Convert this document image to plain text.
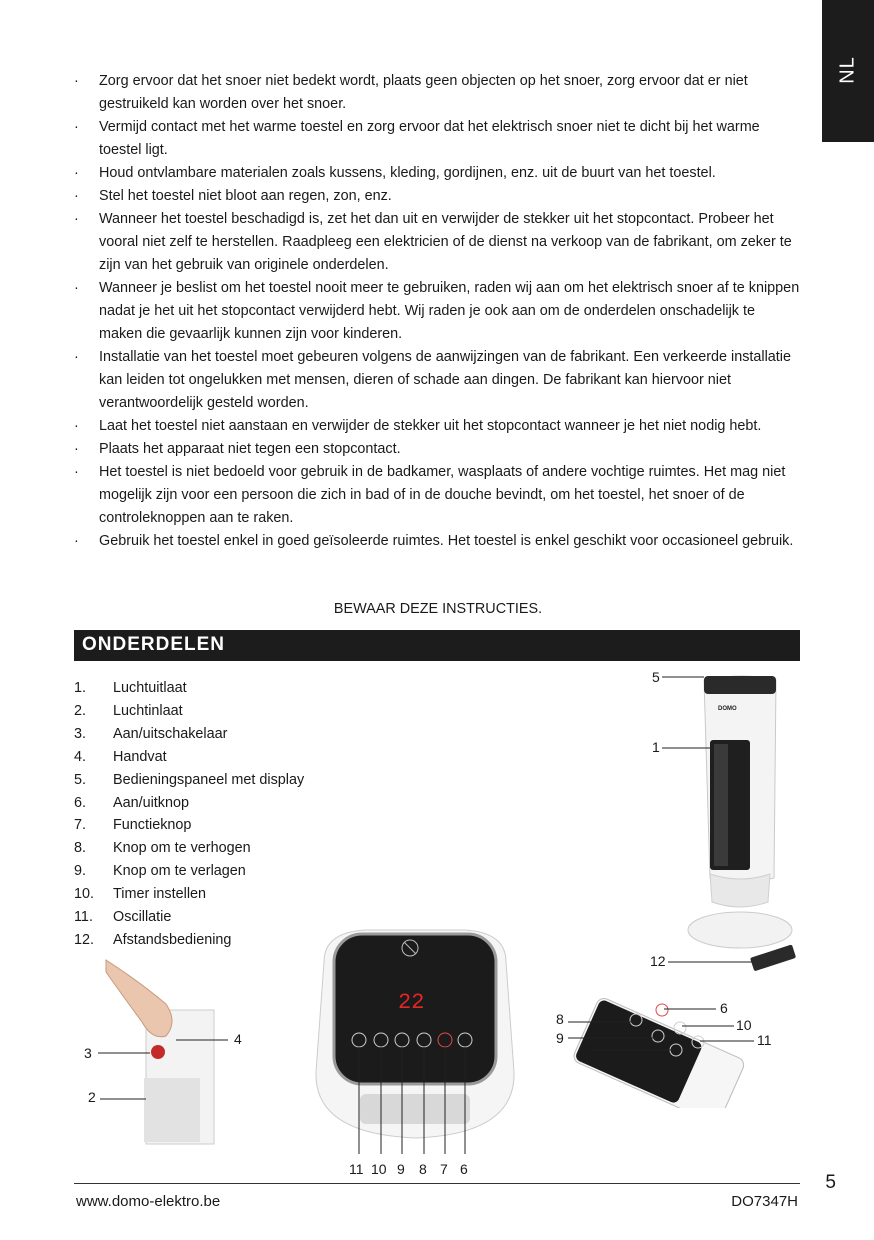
NL
· Zorg ervoor dat het snoer niet bedekt wordt, plaats geen objecten op het snoer, zorg ervoor dat er niet gestruikeld kan worden over het snoer.
· Vermijd contact met het warme toestel en zorg ervoor dat het elektrisch snoer niet te dicht bij het warme toestel ligt.
· Houd ontvlambare materialen zoals kussens, kleding, gordijnen, enz. uit de buurt van het toestel.
· Stel het toestel niet bloot aan regen, zon, enz.
· Wanneer het toestel beschadigd is, zet het dan uit en verwijder de stekker uit het stopcontact. Probeer het vooral niet zelf te herstellen. Raadpleeg een elektricien of de dienst na verkoop van de fabrikant, om zeker te zijn van het gebruik van originele onderdelen.
· Wanneer je beslist om het toestel nooit meer te gebruiken, raden wij aan om het elektrisch snoer af te knippen nadat je het uit het stopcontact verwijderd hebt. Wij raden je ook aan om de onderdelen onschadelijk te maken die gevaarlijk kunnen zijn voor kinderen.
· Installatie van het toestel moet gebeuren volgens de aanwijzingen van de fabrikant. Een verkeerde installatie kan leiden tot ongelukken met mensen, dieren of schade aan dingen. De fabrikant kan hiervoor niet verantwoordelijk gesteld worden.
· Laat het toestel niet aanstaan en verwijder de stekker uit het stopcontact wanneer je het niet nodig hebt.
· Plaats het apparaat niet tegen een stopcontact.
· Het toestel is niet bedoeld voor gebruik in de badkamer, wasplaats of andere vochtige ruimtes. Het mag niet mogelijk zijn voor een persoon die zich in bad of in de douche bevindt, om het toestel, het snoer of de controleknoppen aan te raken.
· Gebruik het toestel enkel in goed geïsoleerde ruimtes. Het toestel is enkel geschikt voor occasioneel gebruik.
BEWAAR DEZE INSTRUCTIES.
ONDERDELEN
1.	Luchtuitlaat
2.	Luchtinlaat
3.	Aan/uitschakelaar
4.	Handvat
5.	Bedieningspaneel met display
6.	Aan/uitknop
7.	Functieknop
8.	Knop om te verhogen
9.	Knop om te verlagen
10.	Timer instellen
11.	Oscillatie
12.	Afstandsbediening
DOMO
5
1
12
3
4
2
22
11 10 9 8 7 6
8
9
7
6
10
11
5
www.domo-elektro.be	DO7347H
